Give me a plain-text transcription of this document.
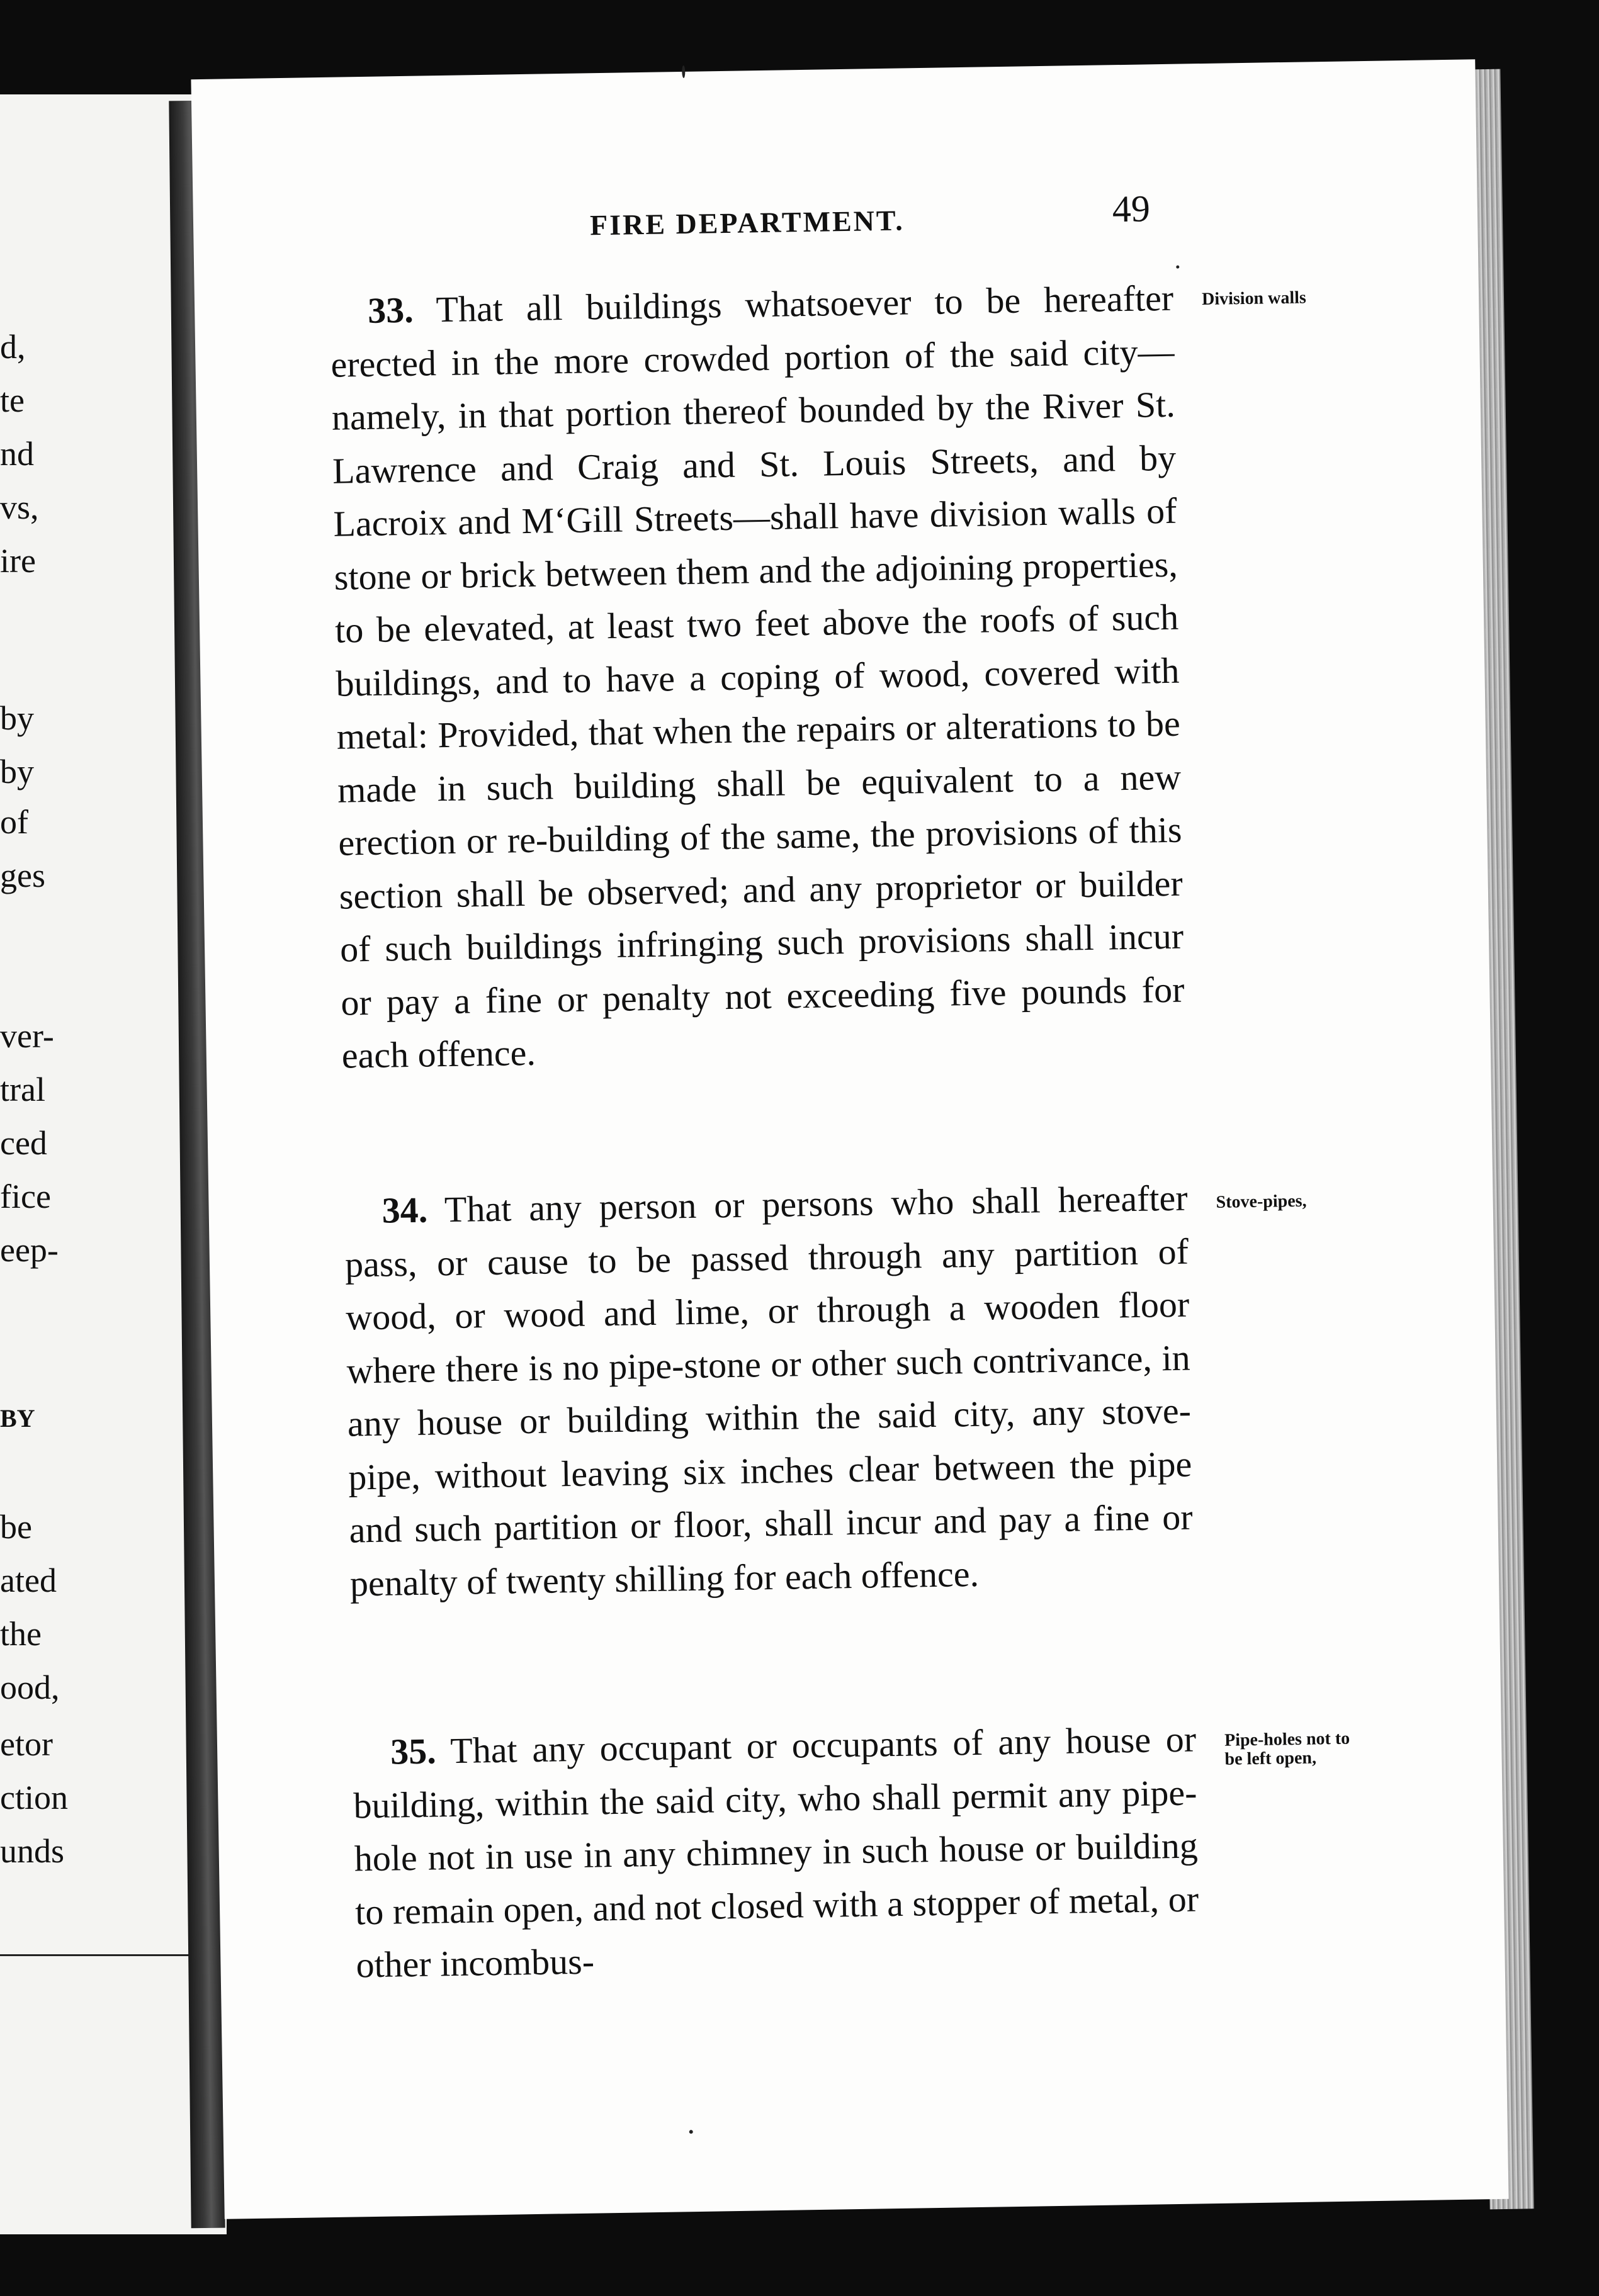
d,

te

nd

vs,

ire

by

by

of

ges

ver-

tral

ced

fice

eep-

BY

be

ated

the

ood,

etor

ction

unds

FIRE DEPARTMENT.	49

33. That all buildings whatsoever to be hereafter erected in the more crowded portion of the said city—namely, in that portion thereof bounded by the River St. Lawrence and Craig and St. Louis Streets, and by Lacroix and M‘Gill Streets—shall have division walls of stone or brick between them and the adjoining properties, to be elevated, at least two feet above the roofs of such buildings, and to have a coping of wood, covered with metal: Provided, that when the repairs or alterations to be made in such building shall be equivalent to a new erection or re-building of the same, the provisions of this section shall be observed; and any proprietor or builder of such buildings infringing such provisions shall incur or pay a fine or penalty not exceeding five pounds for each offence.

Division walls

34. That any person or persons who shall hereafter pass, or cause to be passed through any partition of wood, or wood and lime, or through a wooden floor where there is no pipe-stone or other such contrivance, in any house or building within the said city, any stove-pipe, without leaving six inches clear between the pipe and such partition or floor, shall incur and pay a fine or penalty of twenty shilling for each offence.

Stove-pipes,

35. That any occupant or occupants of any house or building, within the said city, who shall permit any pipe-hole not in use in any chimney in such house or building to remain open, and not closed with a stopper of metal, or other incombus-

Pipe-holes not to be left open,
